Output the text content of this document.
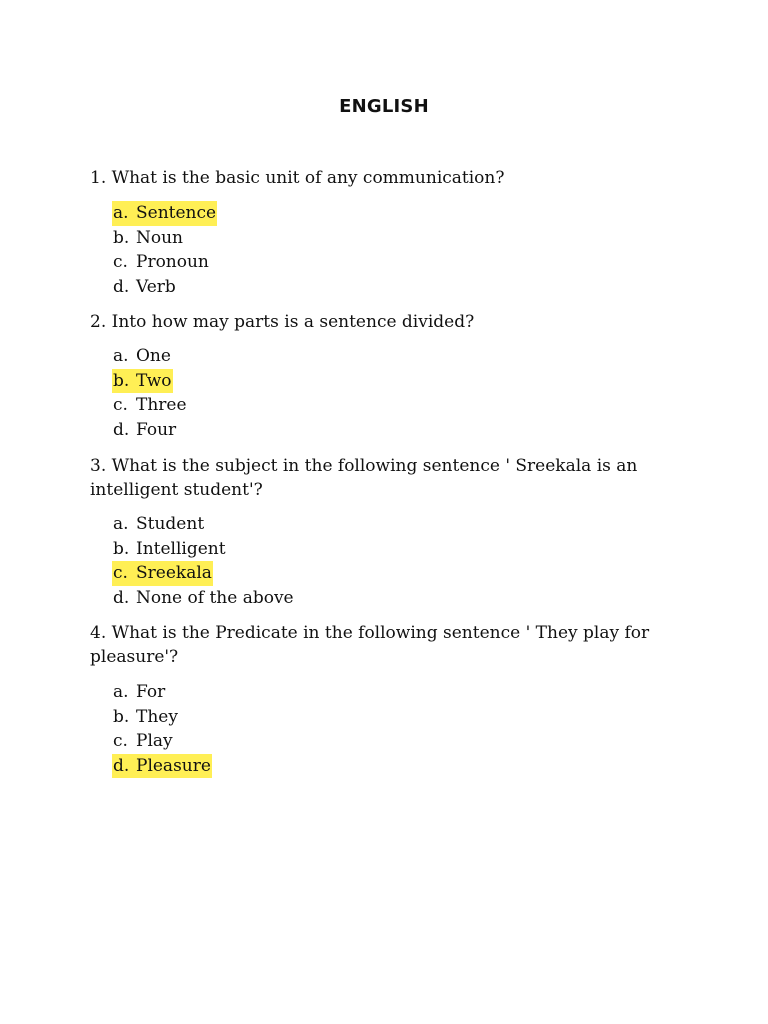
ENGLISH
1. What is the basic unit of any communication?
a. Sentence
b. Noun
c. Pronoun
d. Verb
2. Into how may parts is a sentence divided?
a. One
b. Two
c. Three
d. Four
3. What is the subject in the following sentence ' Sreekala is an intelligent student'?
a. Student
b. Intelligent
c. Sreekala
d. None of the above
4. What is the Predicate in the following sentence ' They play for pleasure'?
a. For
b. They
c. Play
d. Pleasure
